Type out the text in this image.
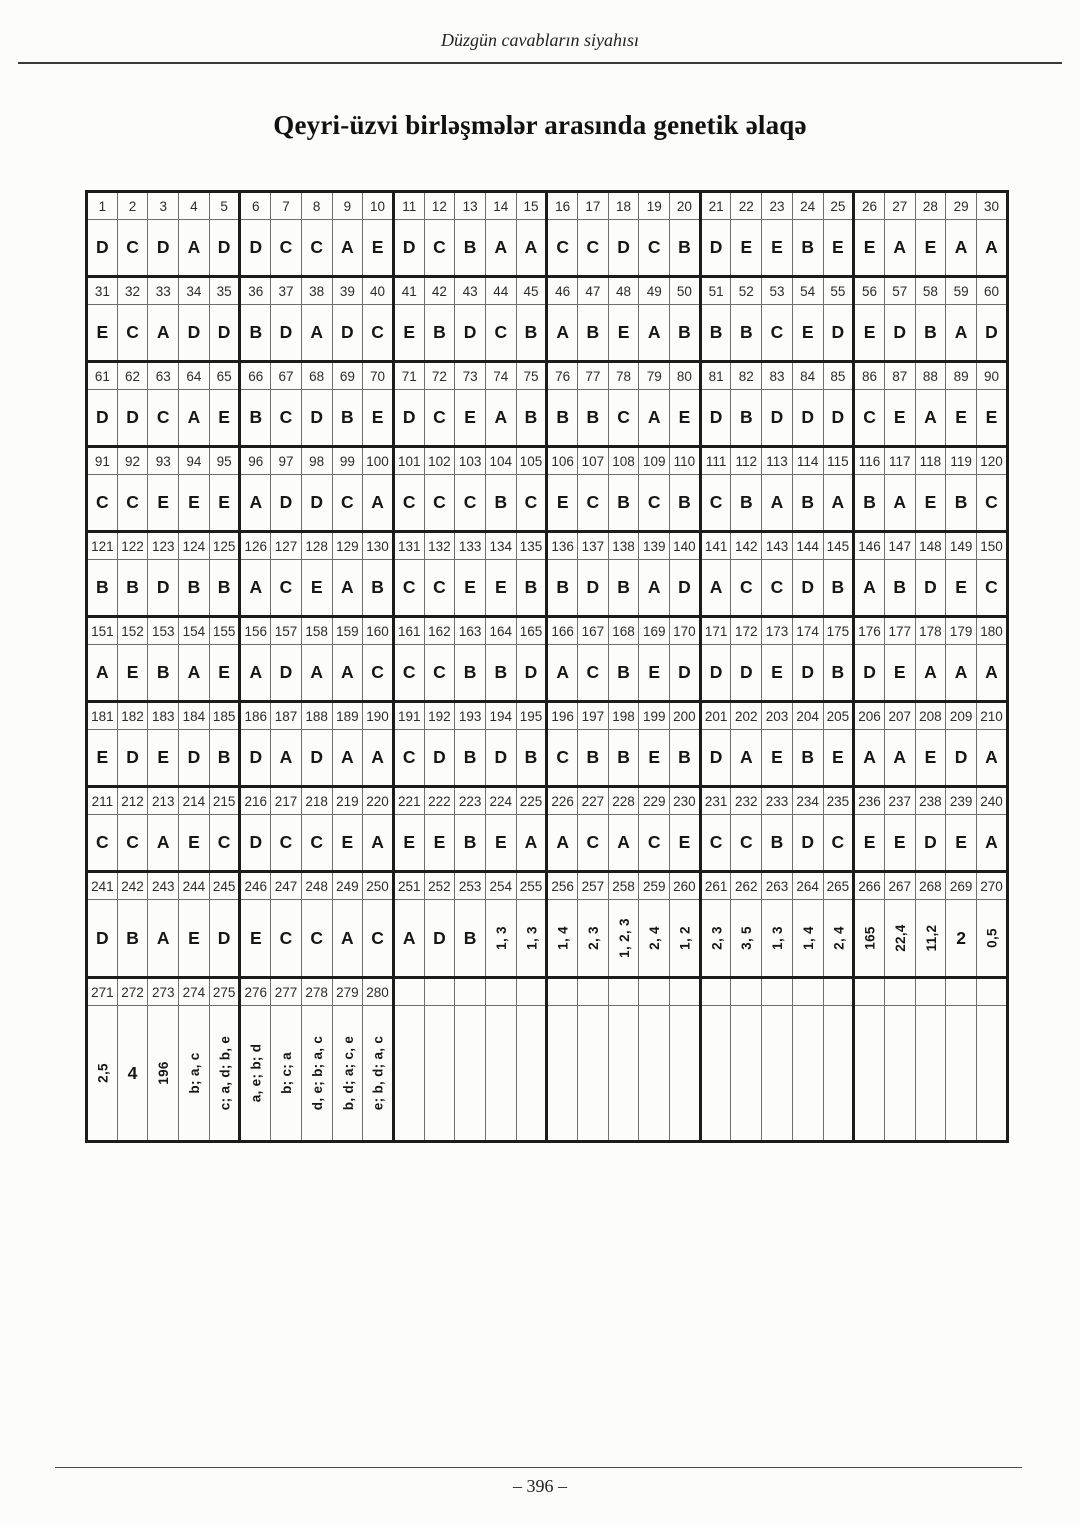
Düzgün cavabların siyahısı
Qeyri-üzvi birləşmələr arasında genetik əlaqə
1	2	3	4	5	6	7	8	9	10	11	12	13	14	15	16	17	18	19	20	21	22	23	24	25	26	27	28	29	30
D	C	D	A	D	D	C	C	A	E	D	C	B	A	A	C	C	D	C	B	D	E	E	B	E	E	A	E	A	A
31	32	33	34	35	36	37	38	39	40	41	42	43	44	45	46	47	48	49	50	51	52	53	54	55	56	57	58	59	60
E	C	A	D	D	B	D	A	D	C	E	B	D	C	B	A	B	E	A	B	B	B	C	E	D	E	D	B	A	D
61	62	63	64	65	66	67	68	69	70	71	72	73	74	75	76	77	78	79	80	81	82	83	84	85	86	87	88	89	90
D	D	C	A	E	B	C	D	B	E	D	C	E	A	B	B	B	C	A	E	D	B	D	D	D	C	E	A	E	E
91	92	93	94	95	96	97	98	99	100	101	102	103	104	105	106	107	108	109	110	111	112	113	114	115	116	117	118	119	120
C	C	E	E	E	A	D	D	C	A	C	C	C	B	C	E	C	B	C	B	C	B	A	B	A	B	A	E	B	C
121	122	123	124	125	126	127	128	129	130	131	132	133	134	135	136	137	138	139	140	141	142	143	144	145	146	147	148	149	150
B	B	D	B	B	A	C	E	A	B	C	C	E	E	B	B	D	B	A	D	A	C	C	D	B	A	B	D	E	C
151	152	153	154	155	156	157	158	159	160	161	162	163	164	165	166	167	168	169	170	171	172	173	174	175	176	177	178	179	180
A	E	B	A	E	A	D	A	A	C	C	C	B	B	D	A	C	B	E	D	D	D	E	D	B	D	E	A	A	A
181	182	183	184	185	186	187	188	189	190	191	192	193	194	195	196	197	198	199	200	201	202	203	204	205	206	207	208	209	210
E	D	E	D	B	D	A	D	A	A	C	D	B	D	B	C	B	B	E	B	D	A	E	B	E	A	A	E	D	A
211	212	213	214	215	216	217	218	219	220	221	222	223	224	225	226	227	228	229	230	231	232	233	234	235	236	237	238	239	240
C	C	A	E	C	D	C	C	E	A	E	E	B	E	A	A	C	A	C	E	C	C	B	D	C	E	E	D	E	A
241	242	243	244	245	246	247	248	249	250	251	252	253	254	255	256	257	258	259	260	261	262	263	264	265	266	267	268	269	270
D	B	A	E	D	E	C	C	A	C	A	D	B	1, 3	1, 3	1, 4	2, 3	1, 2, 3	2, 4	1, 2	2, 3	3, 5	1, 3	1, 4	2, 4	165	22,4	11,2	2	0,5

271	272	273	274	275	276	277	278	279	280																				

2,5	4	196	b; a, c	c; a, d; b, e	a, e; b; d	b; c; a	d, e; b; a, c	b, d; a; c, e	e; b, d; a, c																				

– 396 –
